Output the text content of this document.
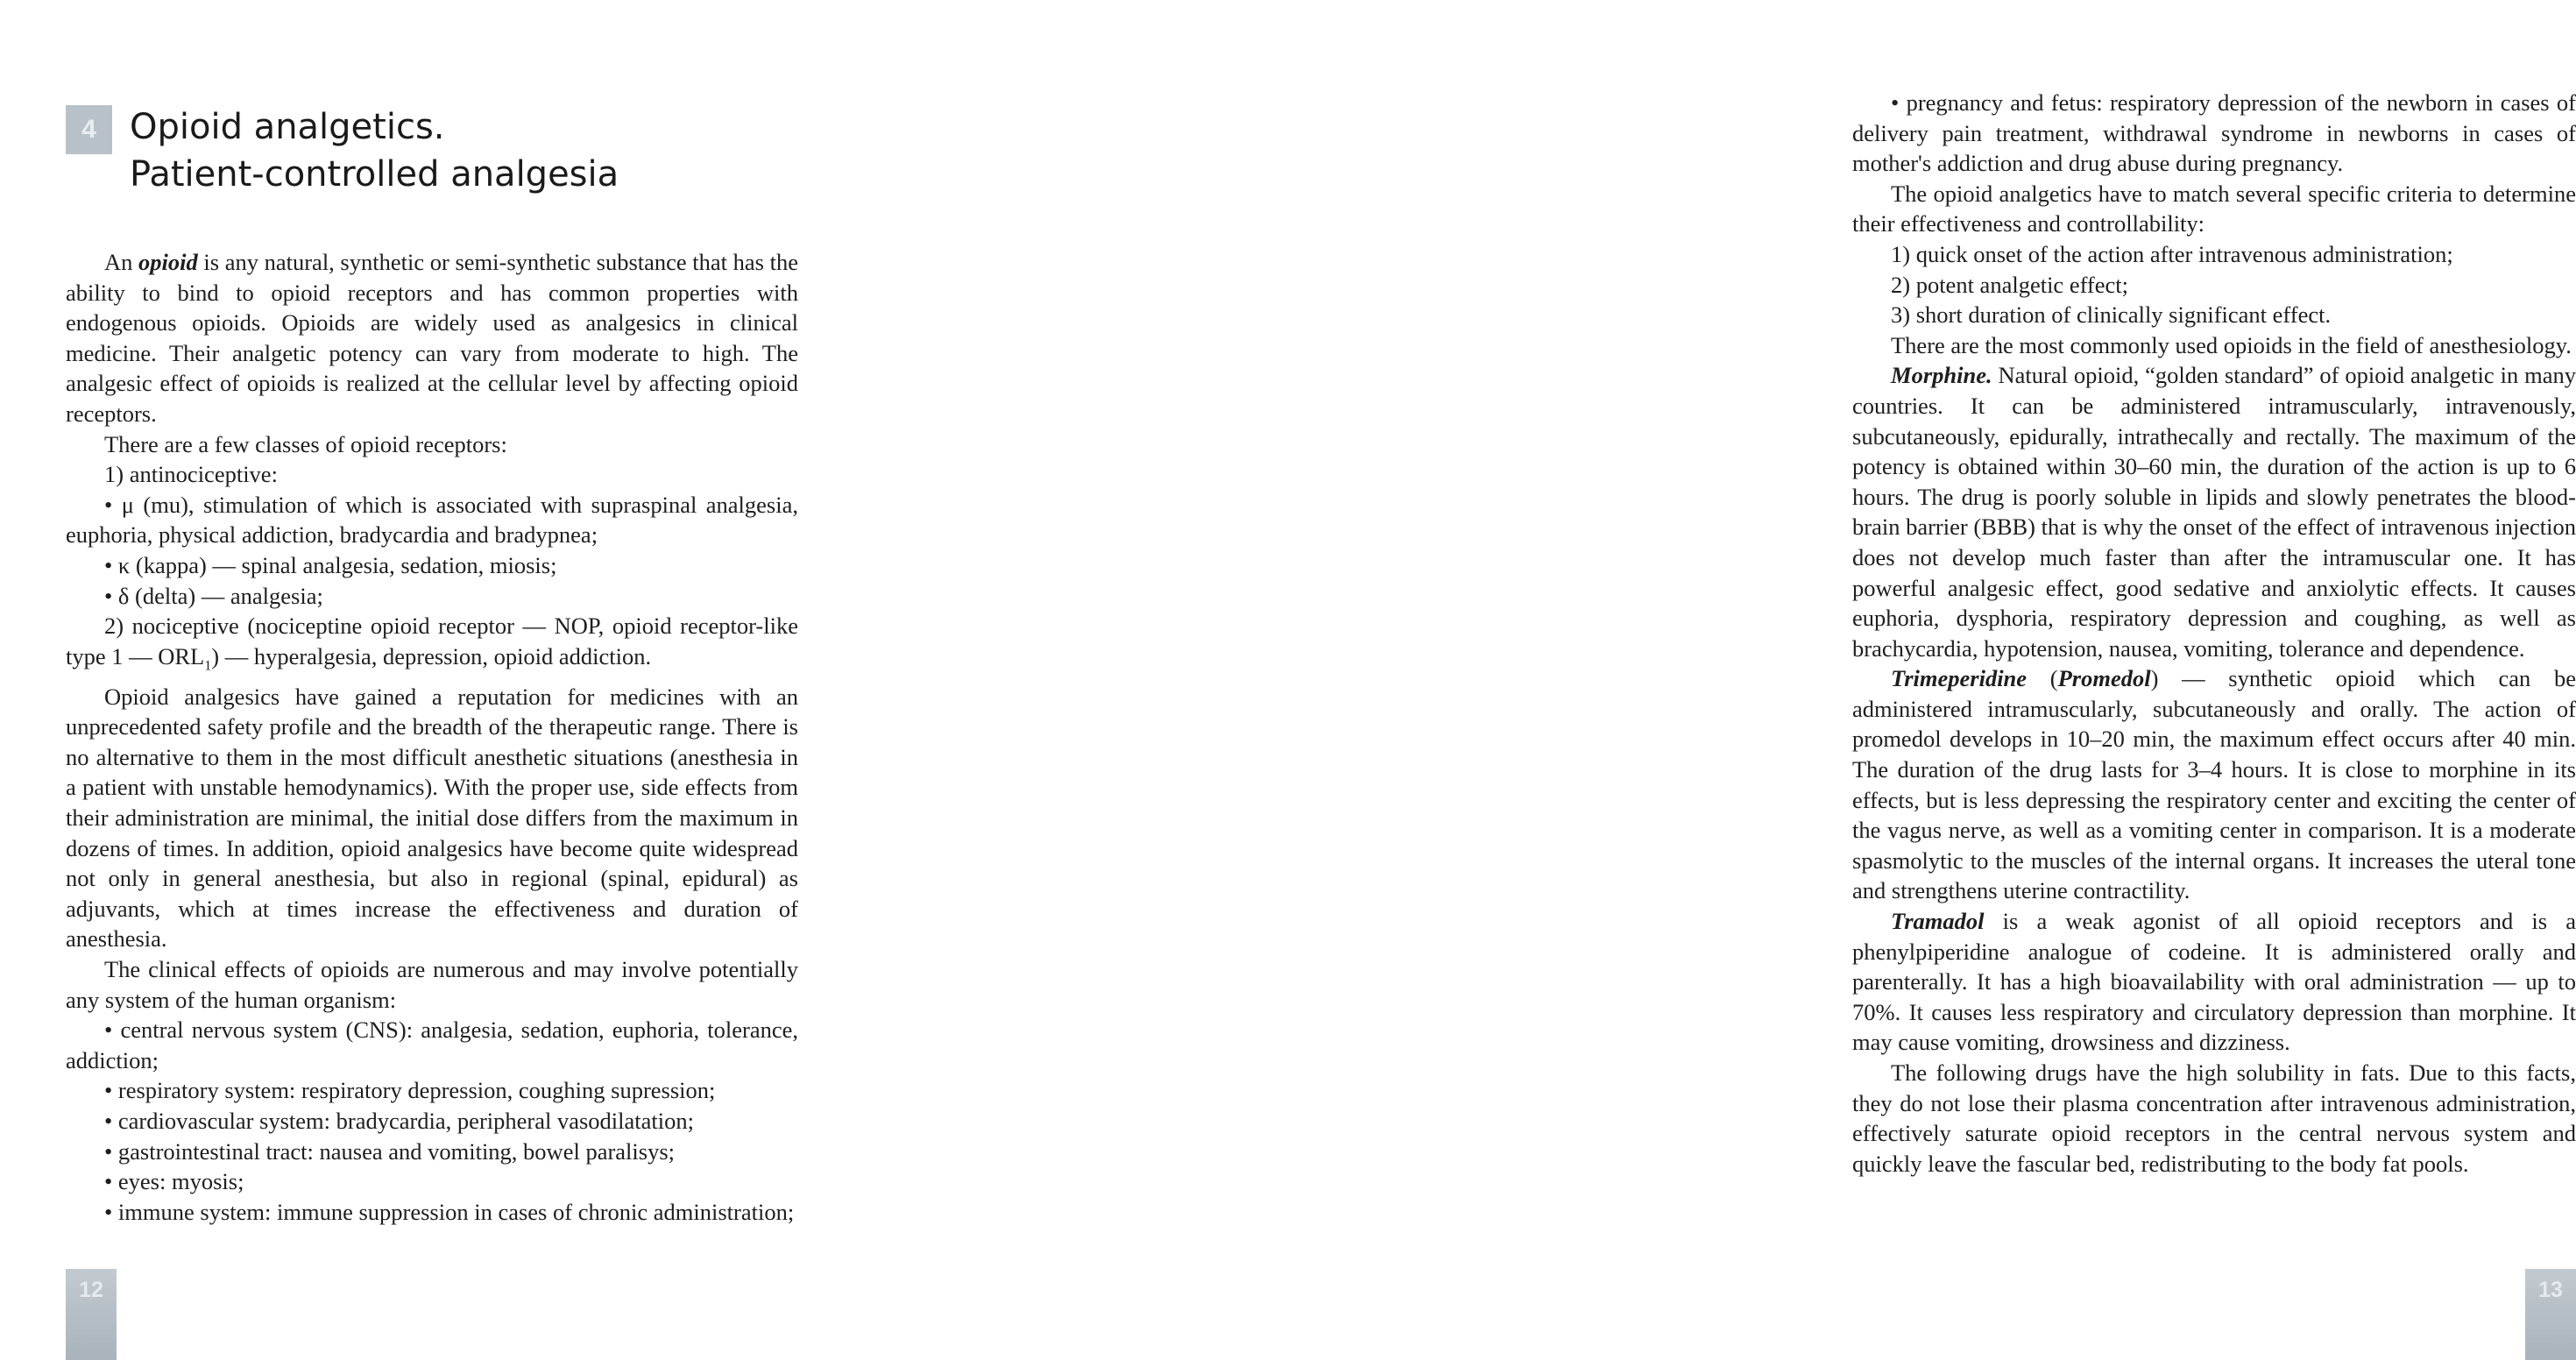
4 Opioid analgetics.
Patient-controlled analgesia

An opioid is any natural, synthetic or semi-synthetic substance that has the ability to bind to opioid receptors and has common properties with endogenous opioids. Opioids are widely used as analgesics in clinical medicine. Their analgetic potency can vary from moderate to high. The analgesic effect of opioids is realized at the cellular level by affecting opioid receptors.

There are a few classes of opioid receptors:

1) antinociceptive:

• μ (mu), stimulation of which is associated with supraspinal analgesia, euphoria, physical addiction, bradycardia and bradypnea;

• κ (kappa) — spinal analgesia, sedation, miosis;

• δ (delta) — analgesia;

2) nociceptive (nociceptine opioid receptor — NOP, opioid receptor-like type 1 — $ORL_1$) — hyperalgesia, depression, opioid addiction.

Opioid analgesics have gained a reputation for medicines with an unprecedented safety profile and the breadth of the therapeutic range. There is no alternative to them in the most difficult anesthetic situations (anesthesia in a patient with unstable hemodynamics). With the proper use, side effects from their administration are minimal, the initial dose differs from the maximum in dozens of times. In addition, opioid analgesics have become quite widespread not only in general anesthesia, but also in regional (spinal, epidural) as adjuvants, which at times increase the effectiveness and duration of anesthesia.

The clinical effects of opioids are numerous and may involve potentially any system of the human organism:

• central nervous system (CNS): analgesia, sedation, euphoria, tolerance, addiction;

• respiratory system: respiratory depression, coughing supression;

• cardiovascular system: bradycardia, peripheral vasodilatation;

• gastrointestinal tract: nausea and vomiting, bowel paralisys;

• eyes: myosis;

• immune system: immune suppression in cases of chronic administration;

12

• pregnancy and fetus: respiratory depression of the newborn in cases of delivery pain treatment, withdrawal syndrome in newborns in cases of mother's addiction and drug abuse during pregnancy.

The opioid analgetics have to match several specific criteria to determine their effectiveness and controllability:

1) quick onset of the action after intravenous administration;

2) potent analgetic effect;

3) short duration of clinically significant effect.

There are the most commonly used opioids in the field of anesthesiology.

Morphine. Natural opioid, “golden standard” of opioid analgetic in many countries. It can be administered intramuscularly, intravenously, subcutaneously, epidurally, intrathecally and rectally. The maximum of the potency is obtained within 30–60 min, the duration of the action is up to 6 hours. The drug is poorly soluble in lipids and slowly penetrates the blood-brain barrier (BBB) that is why the onset of the effect of intravenous injection does not develop much faster than after the intramuscular one. It has powerful analgesic effect, good sedative and anxiolytic effects. It causes euphoria, dysphoria, respiratory depression and coughing, as well as brachycardia, hypotension, nausea, vomiting, tolerance and dependence.

Trimeperidine (Promedol) — synthetic opioid which can be administered intramuscularly, subcutaneously and orally. The action of promedol develops in 10–20 min, the maximum effect occurs after 40 min. The duration of the drug lasts for 3–4 hours. It is close to morphine in its effects, but is less depressing the respiratory center and exciting the center of the vagus nerve, as well as a vomiting center in comparison. It is a moderate spasmolytic to the muscles of the internal organs. It increases the uteral tone and strengthens uterine contractility.

Tramadol is a weak agonist of all opioid receptors and is a phenylpiperidine analogue of codeine. It is administered orally and parenterally. It has a high bioavailability with oral administration — up to 70%. It causes less respiratory and circulatory depression than morphine. It may cause vomiting, drowsiness and dizziness.

The following drugs have the high solubility in fats. Due to this facts, they do not lose their plasma concentration after intravenous administration, effectively saturate opioid receptors in the central nervous system and quickly leave the fascular bed, redistributing to the body fat pools.

13
